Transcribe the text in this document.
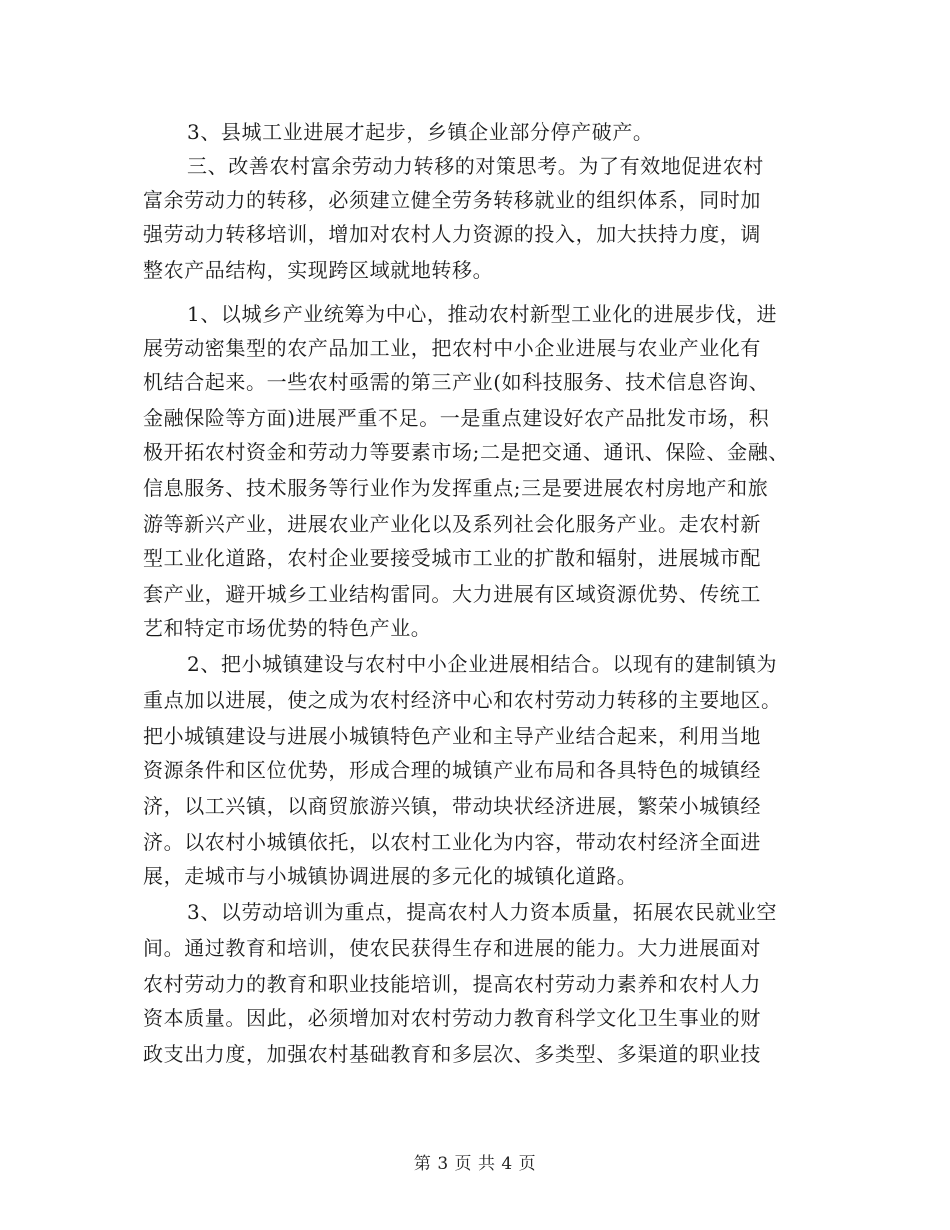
3、县城工业进展才起步，乡镇企业部分停产破产。
三、改善农村富余劳动力转移的对策思考。为了有效地促进农村
富余劳动力的转移，必须建立健全劳务转移就业的组织体系，同时加
强劳动力转移培训，增加对农村人力资源的投入，加大扶持力度，调
整农产品结构，实现跨区域就地转移。
1、以城乡产业统筹为中心，推动农村新型工业化的进展步伐，进
展劳动密集型的农产品加工业，把农村中小企业进展与农业产业化有
机结合起来。一些农村亟需的第三产业(如科技服务、技术信息咨询、
金融保险等方面)进展严重不足。一是重点建设好农产品批发市场，积
极开拓农村资金和劳动力等要素市场;二是把交通、通讯、保险、金融、
信息服务、技术服务等行业作为发挥重点;三是要进展农村房地产和旅
游等新兴产业，进展农业产业化以及系列社会化服务产业。走农村新
型工业化道路，农村企业要接受城市工业的扩散和辐射，进展城市配
套产业，避开城乡工业结构雷同。大力进展有区域资源优势、传统工
艺和特定市场优势的特色产业。
2、把小城镇建设与农村中小企业进展相结合。以现有的建制镇为
重点加以进展，使之成为农村经济中心和农村劳动力转移的主要地区。
把小城镇建设与进展小城镇特色产业和主导产业结合起来，利用当地
资源条件和区位优势，形成合理的城镇产业布局和各具特色的城镇经
济，以工兴镇，以商贸旅游兴镇，带动块状经济进展，繁荣小城镇经
济。以农村小城镇依托，以农村工业化为内容，带动农村经济全面进
展，走城市与小城镇协调进展的多元化的城镇化道路。
3、以劳动培训为重点，提高农村人力资本质量，拓展农民就业空
间。通过教育和培训，使农民获得生存和进展的能力。大力进展面对
农村劳动力的教育和职业技能培训，提高农村劳动力素养和农村人力
资本质量。因此，必须增加对农村劳动力教育科学文化卫生事业的财
政支出力度，加强农村基础教育和多层次、多类型、多渠道的职业技
第 3 页 共 4 页
